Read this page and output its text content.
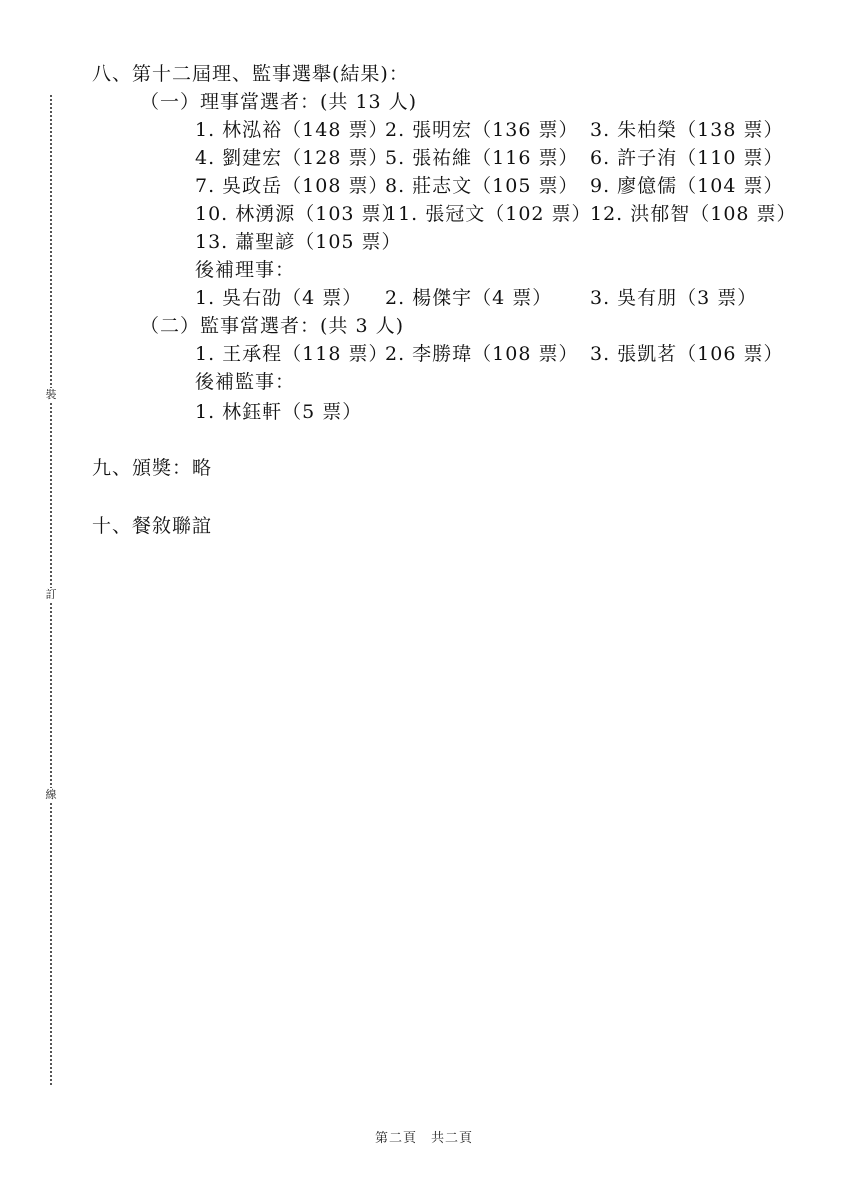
裝
訂
線
八、第十二屆理、監事選舉(結果)：
（一）理事當選者：(共 13 人)
1. 林泓裕（148 票）
2. 張明宏（136 票） 3. 朱柏榮（138 票）
4. 劉建宏（128 票）
5. 張祐維（116 票） 6. 許子洧（110 票）
7. 吳政岳（108 票）
8. 莊志文（105 票） 9. 廖億儒（104 票）
10. 林湧源（103 票）
11. 張冠文（102 票）
12. 洪郁智（108 票）
13. 蕭聖諺（105 票）
後補理事：
1. 吳右劭（4 票） 2. 楊傑宇（4 票） 3. 吳有朋（3 票）
（二）監事當選者：(共 3 人)
1. 王承程（118 票）
2. 李勝瑋（108 票） 3. 張凱茗（106 票）
後補監事：
1. 林鈺軒（5 票）
九、頒獎：略
十、餐敘聯誼
第二頁　共二頁
